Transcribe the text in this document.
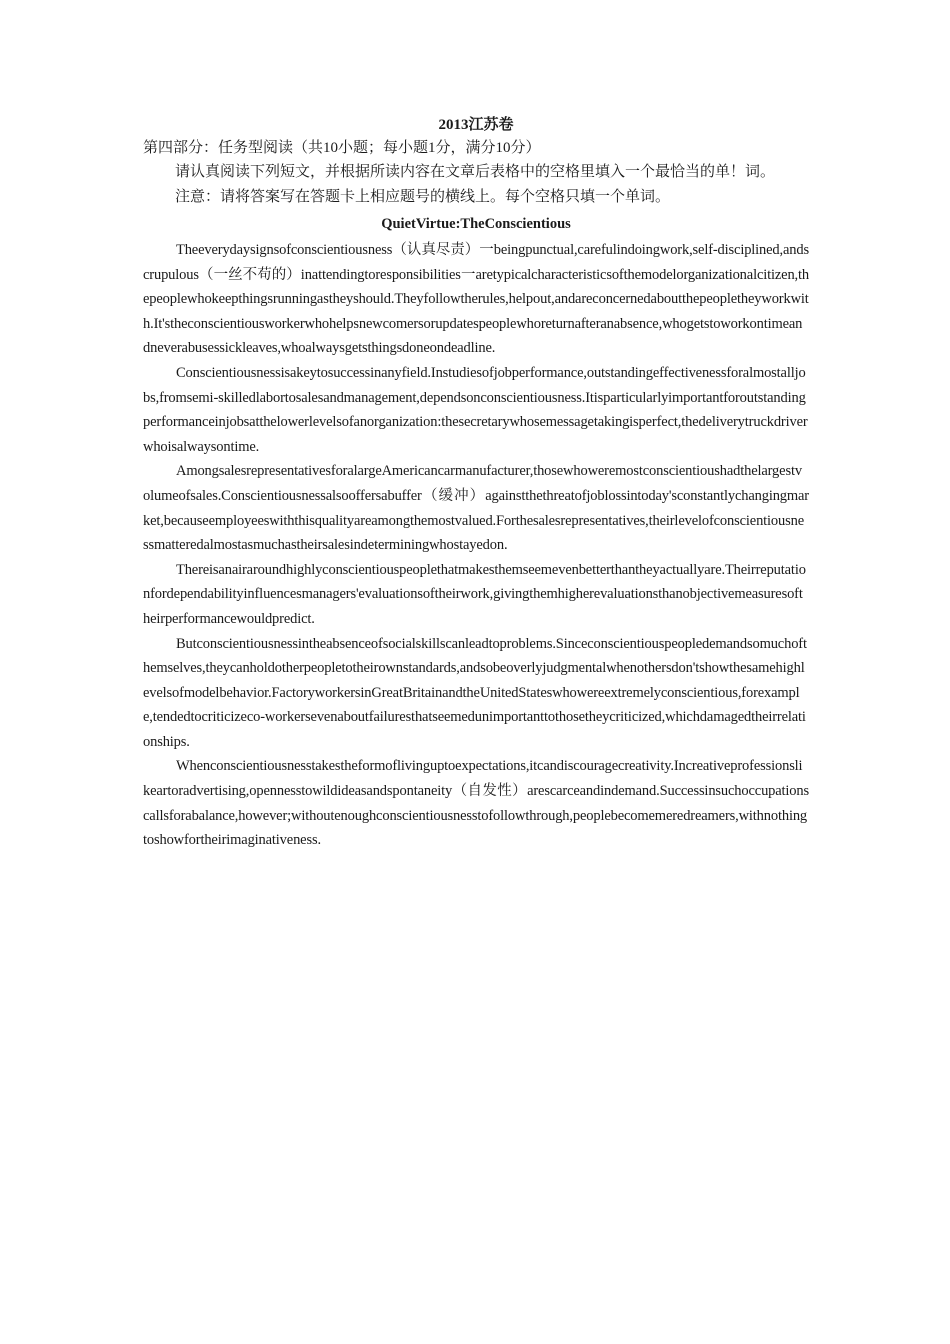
2013江苏卷

第四部分：任务型阅读（共10小题；每小题1分，满分10分）

请认真阅读下列短文，并根据所读内容在文章后表格中的空格里填入一个最恰当的单！词。

注意：请将答案写在答题卡上相应题号的横线上。每个空格只填一个单词。

QuietVirtue:TheConscientious

Theeverydaysignsofconscientiousness（认真尽责）一beingpunctual,carefulindoingwork,self-disciplined,andscrupulous（一丝不苟的）inattendingtoresponsibilities一aretypicalcharacteristicsofthemodelorganizationalcitizen,thepeoplewhokeepthingsrunningastheyshould.Theyfollowtherules,helpout,andareconcernedaboutthepeopletheyworkwith.It'stheconscientiousworkerwhohelpsnewcomersorupdatespeoplewhoreturnafteranabsence,whogetstoworkontimeandneverabusessickleaves,whoalwaysgetsthingsdoneondeadline.

Conscientiousnessisakeytosuccessinanyfield.Instudiesofjobperformance,outstandingeffectivenessforalmostalljobs,fromsemi-skilledlabortosalesandmanagement,dependsonconscientiousness.Itisparticularlyimportantforoutstandingperformanceinjobsatthelowerlevelsofanorganization:thesecretarywhosemessagetakingisperfect,thedeliverytruckdriverwhoisalwaysontime.

AmongsalesrepresentativesforalargeAmericancarmanufacturer,thosewhoweremostconscientioushadthelargestvolumeofsales.Conscientiousnessalsooffersabuffer（缓冲）againstthethreatofjoblossintoday'sconstantlychangingmarket,becauseemployeeswiththisqualityareamongthemostvalued.Forthesalesrepresentatives,theirlevelofconscientiousnessmatteredalmostasmuchastheirsalesindeterminingwhostayedon.

Thereisanairaroundhighlyconscientiouspeoplethatmakesthemseemevenbetterthantheyactuallyare.Theirreputationfordependabilityinfluencesmanagers'evaluationsoftheirwork,givingthemhigherevaluationsthanobjectivemeasuresoftheirperformancewouldpredict.

Butconscientiousnessintheabsenceofsocialskillscanleadtoproblems.Sinceconscientiouspeopledemandsomuchofthemselves,theycanholdotherpeopletotheirownstandards,andsobeoverlyjudgmentalwhenothersdon'tshowthesamehighlevelsofmodelbehavior.FactoryworkersinGreatBritainandtheUnitedStateswhowereextremelyconscientious,forexample,tendedtocriticizeco-workersevenaboutfailuresthatseemedunimportanttothosetheycriticized,whichdamagedtheirrelationships.

Whenconscientiousnesstakestheformoflivinguptoexpectations,itcandiscouragecreativity.Increativeprofessionslikeartoradvertising,opennesstowildideasandspontaneity（自发性）arescarceandindemand.Successinsuchoccupationscallsforabalance,however;withoutenoughconscientiousnesstofollowthrough,peoplebecomemeredreamers,withnothingtoshowfortheirimaginativeness.
